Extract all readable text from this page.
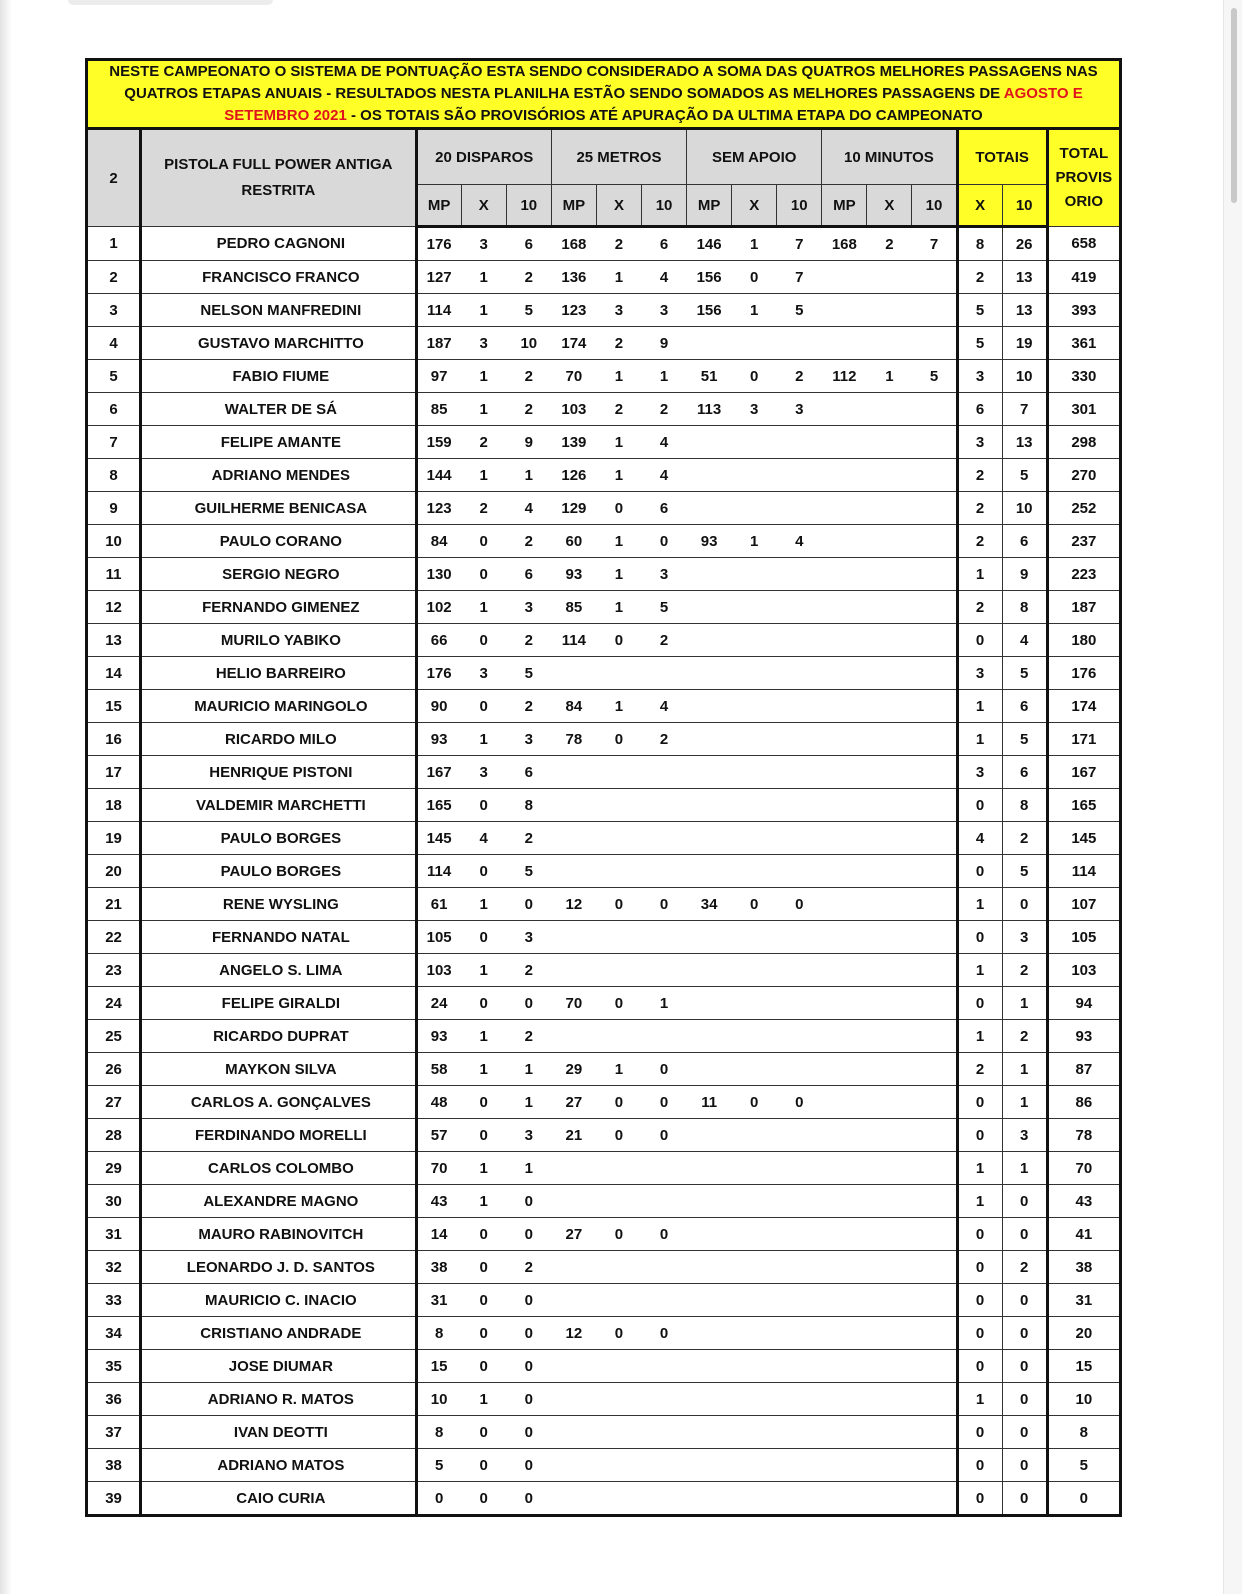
NESTE CAMPEONATO O SISTEMA DE PONTUAÇÃO ESTA SENDO CONSIDERADO A SOMA DAS QUATROS MELHORES PASSAGENS NAS QUATROS ETAPAS ANUAIS - RESULTADOS NESTA PLANILHA ESTÃO SENDO SOMADOS AS MELHORES PASSAGENS DE AGOSTO E SETEMBRO 2021 - OS TOTAIS SÃO PROVISÓRIOS ATÉ APURAÇÃO DA ULTIMA ETAPA DO CAMPEONATO																
2	PISTOLA FULL POWER ANTIGA RESTRITA	20 DISPAROS			25 METROS			SEM APOIO			10 MINUTOS			TOTAIS		TOTAL PROVIS ORIO
		MP	X	10	MP	X	10	MP	X	10	MP	X	10	X	10	
1	PEDRO CAGNONI	176	3	6	168	2	6	146	1	7	168	2	7	8	26	658
2	FRANCISCO FRANCO	127	1	2	136	1	4	156	0	7				2	13	419
3	NELSON MANFREDINI	114	1	5	123	3	3	156	1	5				5	13	393
4	GUSTAVO MARCHITTO	187	3	10	174	2	9							5	19	361
5	FABIO FIUME	97	1	2	70	1	1	51	0	2	112	1	5	3	10	330
6	WALTER DE SÁ	85	1	2	103	2	2	113	3	3				6	7	301
7	FELIPE AMANTE	159	2	9	139	1	4							3	13	298
8	ADRIANO MENDES	144	1	1	126	1	4							2	5	270
9	GUILHERME BENICASA	123	2	4	129	0	6							2	10	252
10	PAULO CORANO	84	0	2	60	1	0	93	1	4				2	6	237
11	SERGIO NEGRO	130	0	6	93	1	3							1	9	223
12	FERNANDO GIMENEZ	102	1	3	85	1	5							2	8	187
13	MURILO YABIKO	66	0	2	114	0	2							0	4	180
14	HELIO BARREIRO	176	3	5										3	5	176
15	MAURICIO MARINGOLO	90	0	2	84	1	4							1	6	174
16	RICARDO MILO	93	1	3	78	0	2							1	5	171
17	HENRIQUE PISTONI	167	3	6										3	6	167
18	VALDEMIR MARCHETTI	165	0	8										0	8	165
19	PAULO BORGES	145	4	2										4	2	145
20	PAULO BORGES	114	0	5										0	5	114
21	RENE WYSLING	61	1	0	12	0	0	34	0	0				1	0	107
22	FERNANDO NATAL	105	0	3										0	3	105
23	ANGELO S. LIMA	103	1	2										1	2	103
24	FELIPE GIRALDI	24	0	0	70	0	1							0	1	94
25	RICARDO DUPRAT	93	1	2										1	2	93
26	MAYKON SILVA	58	1	1	29	1	0							2	1	87
27	CARLOS A. GONÇALVES	48	0	1	27	0	0	11	0	0				0	1	86
28	FERDINANDO MORELLI	57	0	3	21	0	0							0	3	78
29	CARLOS COLOMBO	70	1	1										1	1	70
30	ALEXANDRE MAGNO	43	1	0										1	0	43
31	MAURO RABINOVITCH	14	0	0	27	0	0							0	0	41
32	LEONARDO J. D. SANTOS	38	0	2										0	2	38
33	MAURICIO C. INACIO	31	0	0										0	0	31
34	CRISTIANO ANDRADE	8	0	0	12	0	0							0	0	20
35	JOSE DIUMAR	15	0	0										0	0	15
36	ADRIANO R. MATOS	10	1	0										1	0	10
37	IVAN DEOTTI	8	0	0										0	0	8
38	ADRIANO MATOS	5	0	0										0	0	5
39	CAIO CURIA	0	0	0										0	0	0
